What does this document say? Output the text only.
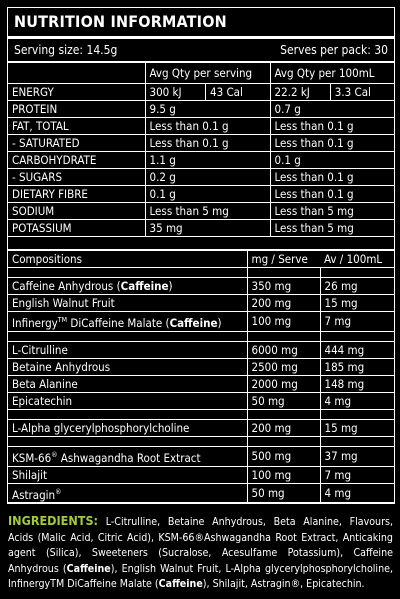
NUTRITION INFORMATION
Serving size: 14.5g	Serves per pack: 30
	Avg Qty per serving	Avg Qty per 100mL
ENERGY	300 kJ 43 Cal	22.2 kJ 3.3 Cal

PROTEIN	9.5 g	0.7 g
FAT, TOTAL	Less than 0.1 g	Less than 0.1 g
- SATURATED	Less than 0.1 g	Less than 0.1 g
CARBOHYDRATE	1.1 g	0.1 g
- SUGARS	0.2 g	Less than 0.1 g
DIETARY FIBRE	0.1 g	Less than 0.1 g
SODIUM	Less than 5 mg	Less than 5 mg
POTASSIUM	35 mg	Less than 5 mg
Compositions	mg / Serve	Av / 100mL

Caffeine Anhydrous (Caffeine)	350 mg	26 mg
English Walnut Fruit	200 mg	15 mg
Infinergy™ DiCaffeine Malate (Caffeine)	100 mg	7 mg

L-Citrulline	6000 mg	444 mg
Betaine Anhydrous	2500 mg	185 mg
Beta Alanine	2000 mg	148 mg
Epicatechin	50 mg	4 mg

L-Alpha glycerylphosphorylcholine	200 mg	15 mg

KSM-66® Ashwagandha Root Extract	500 mg	37 mg
Shilajit	100 mg	7 mg
Astragin®	50 mg	4 mg
INGREDIENTS: L-Citrulline, Betaine Anhydrous, Beta Alanine, Flavours, Acids (Malic Acid, Citric Acid), KSM-66®Ashwagandha Root Extract, Anticaking agent (Silica), Sweeteners (Sucralose, Acesulfame Potassium), Caffeine Anhydrous (Caffeine), English Walnut Fruit, L-Alpha glycerylphosphorylcholine, InfinergyTM DiCaffeine Malate (Caffeine), Shilajit, Astragin®, Epicatechin.
